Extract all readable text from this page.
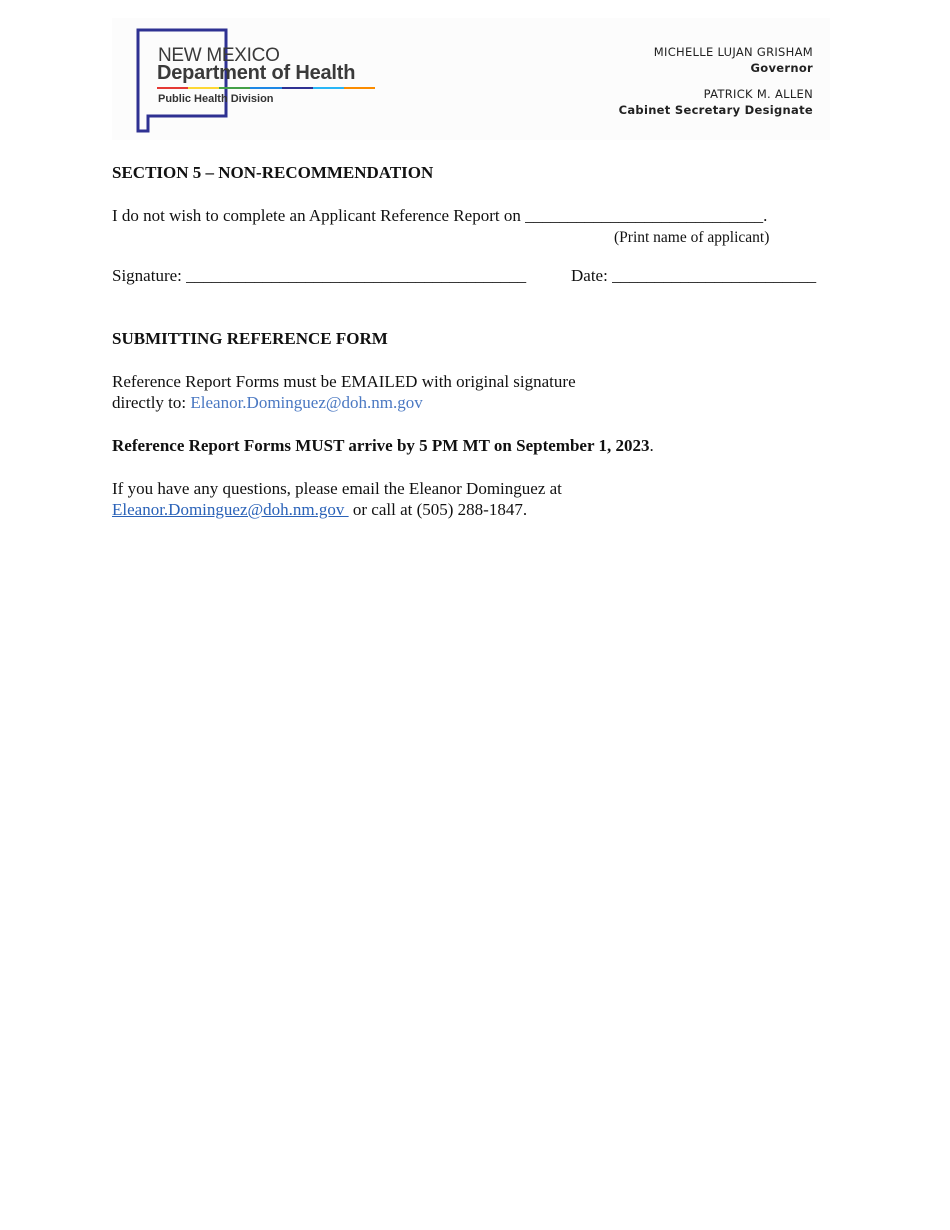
NEW MEXICO
Department of Health
Public Health Division
MICHELLE LUJAN GRISHAM
Governor
PATRICK M. ALLEN
Cabinet Secretary Designate
SECTION 5 – NON-RECOMMENDATION
I do not wish to complete an Applicant Reference Report on ____________________________.
(Print name of applicant)
Signature: ________________________________________	Date: ________________________
SUBMITTING REFERENCE FORM
Reference Report Forms must be EMAILED with original signature
directly to: Eleanor.Dominguez@doh.nm.gov
Reference Report Forms MUST arrive by 5 PM MT on September 1, 2023.
If you have any questions, please email the Eleanor Dominguez at
Eleanor.Dominguez@doh.nm.gov  or call at (505) 288-1847.
